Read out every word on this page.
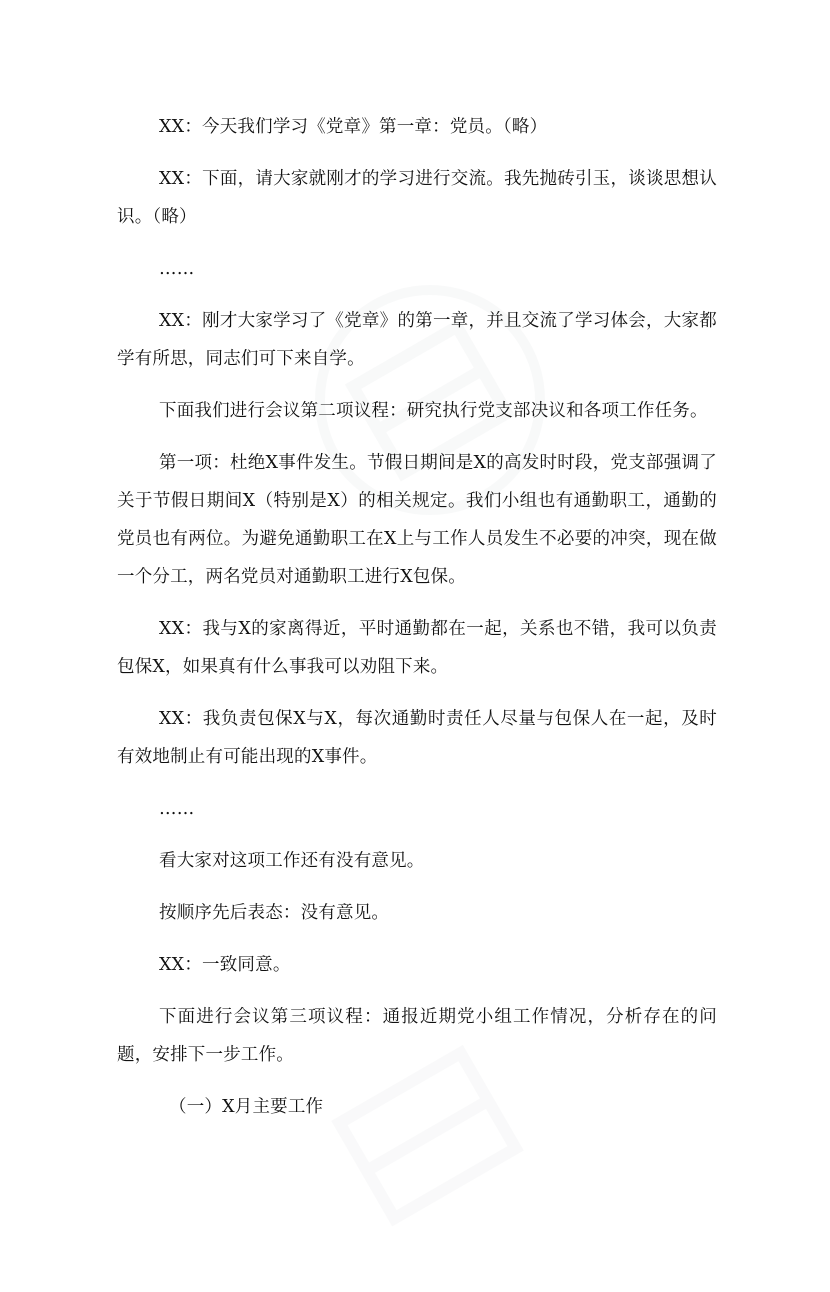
XX：今天我们学习《党章》第一章：党员。（略）

XX：下面，请大家就刚才的学习进行交流。我先抛砖引玉，谈谈思想认识。（略）

……

XX：刚才大家学习了《党章》的第一章，并且交流了学习体会，大家都学有所思，同志们可下来自学。

下面我们进行会议第二项议程：研究执行党支部决议和各项工作任务。

第一项：杜绝X事件发生。节假日期间是X的高发时时段，党支部强调了关于节假日期间X（特别是X）的相关规定。我们小组也有通勤职工，通勤的党员也有两位。为避免通勤职工在X上与工作人员发生不必要的冲突，现在做一个分工，两名党员对通勤职工进行X包保。

XX：我与X的家离得近，平时通勤都在一起，关系也不错，我可以负责包保X，如果真有什么事我可以劝阻下来。

XX：我负责包保X与X，每次通勤时责任人尽量与包保人在一起，及时有效地制止有可能出现的X事件。

……

看大家对这项工作还有没有意见。

按顺序先后表态：没有意见。

XX：一致同意。

下面进行会议第三项议程：通报近期党小组工作情况，分析存在的问题，安排下一步工作。

（一）X月主要工作
